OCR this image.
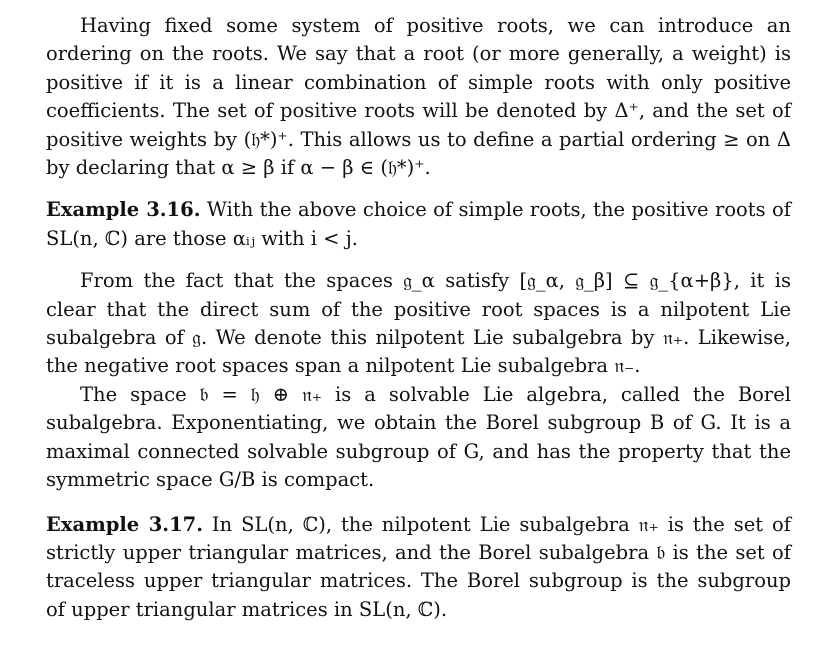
Having fixed some system of positive roots, we can introduce an ordering on the roots. We say that a root (or more generally, a weight) is positive if it is a linear combination of simple roots with only positive coefficients. The set of positive roots will be denoted by Δ⁺, and the set of positive weights by (𝔥*)⁺. This allows us to define a partial ordering ≥ on Δ by declaring that α ≥ β if α − β ∈ (𝔥*)⁺.

Example 3.16. With the above choice of simple roots, the positive roots of SL(n, ℂ) are those αᵢⱼ with i < j.

From the fact that the spaces 𝔤_α satisfy [𝔤_α, 𝔤_β] ⊆ 𝔤_{α+β}, it is clear that the direct sum of the positive root spaces is a nilpotent Lie subalgebra of 𝔤. We denote this nilpotent Lie subalgebra by 𝔫₊. Likewise, the negative root spaces span a nilpotent Lie subalgebra 𝔫₋.

The space 𝔟 = 𝔥 ⊕ 𝔫₊ is a solvable Lie algebra, called the Borel subalgebra. Exponentiating, we obtain the Borel subgroup B of G. It is a maximal connected solvable subgroup of G, and has the property that the symmetric space G/B is compact.

Example 3.17. In SL(n, ℂ), the nilpotent Lie subalgebra 𝔫₊ is the set of strictly upper triangular matrices, and the Borel subalgebra 𝔟 is the set of traceless upper triangular matrices. The Borel subgroup is the subgroup of upper triangular matrices in SL(n, ℂ).
